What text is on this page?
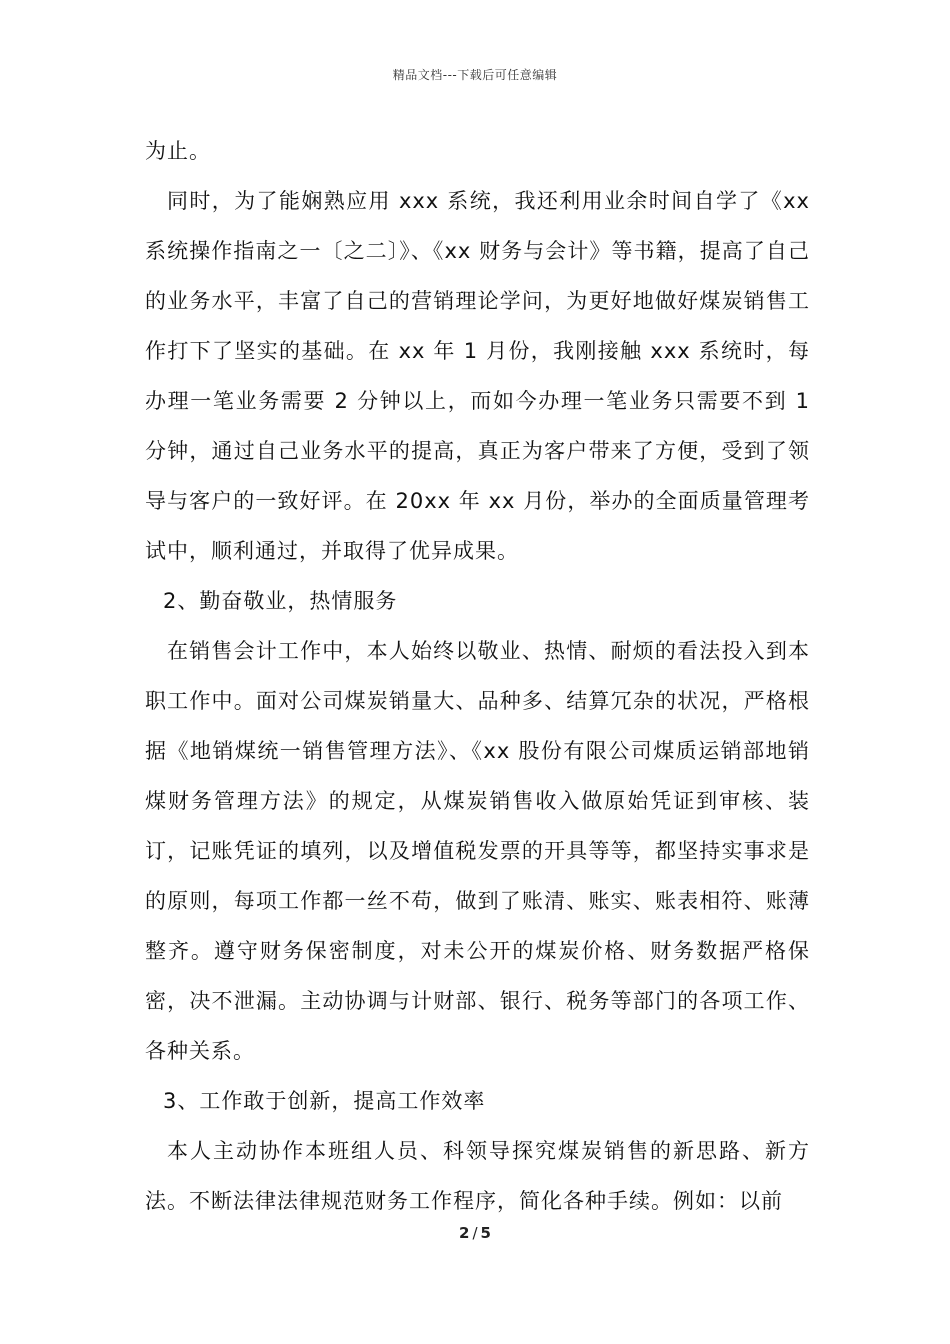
精品文档---下载后可任意编辑

为止。

同时，为了能娴熟应用 xxx 系统，我还利用业余时间自学了《xx 系统操作指南之一〔之二〕》、《xx 财务与会计》等书籍，提高了自己的业务水平，丰富了自己的营销理论学问，为更好地做好煤炭销售工作打下了坚实的基础。在 xx 年 1 月份，我刚接触 xxx 系统时，每办理一笔业务需要 2 分钟以上，而如今办理一笔业务只需要不到 1 分钟，通过自己业务水平的提高，真正为客户带来了方便，受到了领导与客户的一致好评。在 20xx 年 xx 月份，举办的全面质量管理考试中，顺利通过，并取得了优异成果。

2、勤奋敬业，热情服务

在销售会计工作中，本人始终以敬业、热情、耐烦的看法投入到本职工作中。面对公司煤炭销量大、品种多、结算冗杂的状况，严格根据《地销煤统一销售管理方法》、《xx 股份有限公司煤质运销部地销煤财务管理方法》的规定，从煤炭销售收入做原始凭证到审核、装订，记账凭证的填列，以及增值税发票的开具等等，都坚持实事求是的原则，每项工作都一丝不苟，做到了账清、账实、账表相符、账薄整齐。遵守财务保密制度，对未公开的煤炭价格、财务数据严格保密，决不泄漏。主动协调与计财部、银行、税务等部门的各项工作、各种关系。

3、工作敢于创新，提高工作效率

本人主动协作本班组人员、科领导探究煤炭销售的新思路、新方法。不断法律法律规范财务工作程序，简化各种手续。例如：以前

2 / 5
